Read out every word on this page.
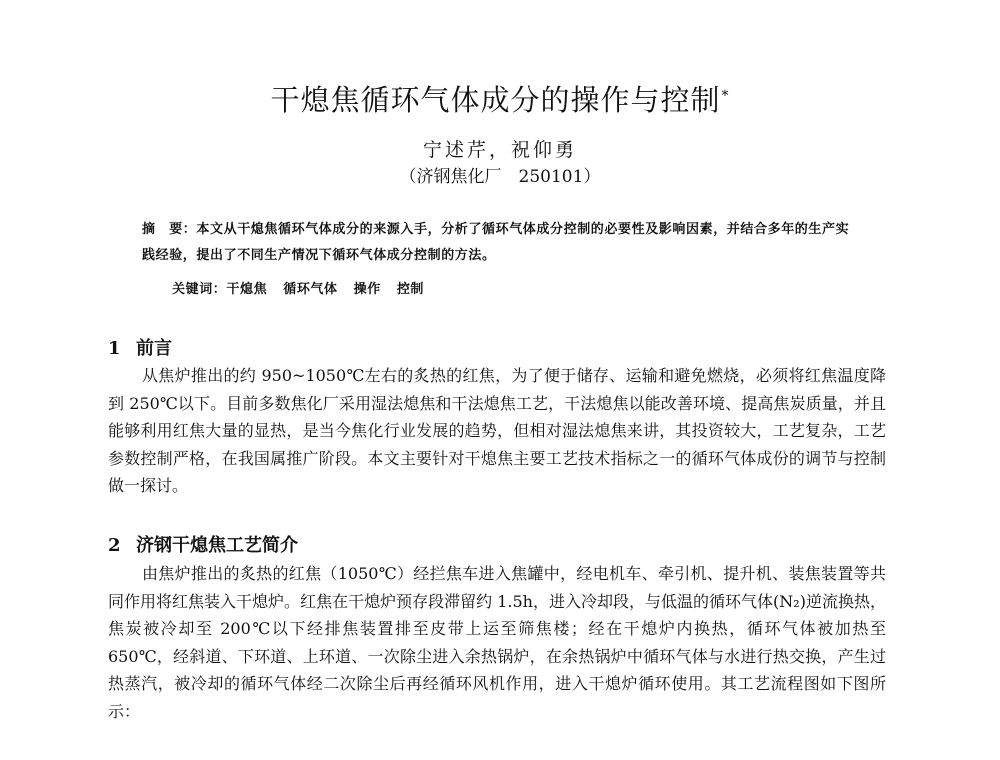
干熄焦循环气体成分的操作与控制*
宁述芹，祝仰勇
（济钢焦化厂　250101）
摘　要：本文从干熄焦循环气体成分的来源入手，分析了循环气体成分控制的必要性及影响因素，并结合多年的生产实践经验，提出了不同生产情况下循环气体成分控制的方法。
关键词：干熄焦 循环气体 操作 控制
1 前言
从焦炉推出的约 950~1050℃左右的炙热的红焦，为了便于储存、运输和避免燃烧，必须将红焦温度降到 250℃以下。目前多数焦化厂采用湿法熄焦和干法熄焦工艺，干法熄焦以能改善环境、提高焦炭质量，并且能够利用红焦大量的显热，是当今焦化行业发展的趋势，但相对湿法熄焦来讲，其投资较大，工艺复杂，工艺参数控制严格，在我国属推广阶段。本文主要针对干熄焦主要工艺技术指标之一的循环气体成份的调节与控制做一探讨。
2 济钢干熄焦工艺简介
由焦炉推出的炙热的红焦（1050℃）经拦焦车进入焦罐中，经电机车、牵引机、提升机、装焦装置等共同作用将红焦装入干熄炉。红焦在干熄炉预存段滞留约 1.5h，进入冷却段，与低温的循环气体(N₂)逆流换热，焦炭被冷却至 200℃以下经排焦装置排至皮带上运至筛焦楼；经在干熄炉内换热，循环气体被加热至 650℃，经斜道、下环道、上环道、一次除尘进入余热锅炉，在余热锅炉中循环气体与水进行热交换，产生过热蒸汽，被冷却的循环气体经二次除尘后再经循环风机作用，进入干熄炉循环使用。其工艺流程图如下图所示：
